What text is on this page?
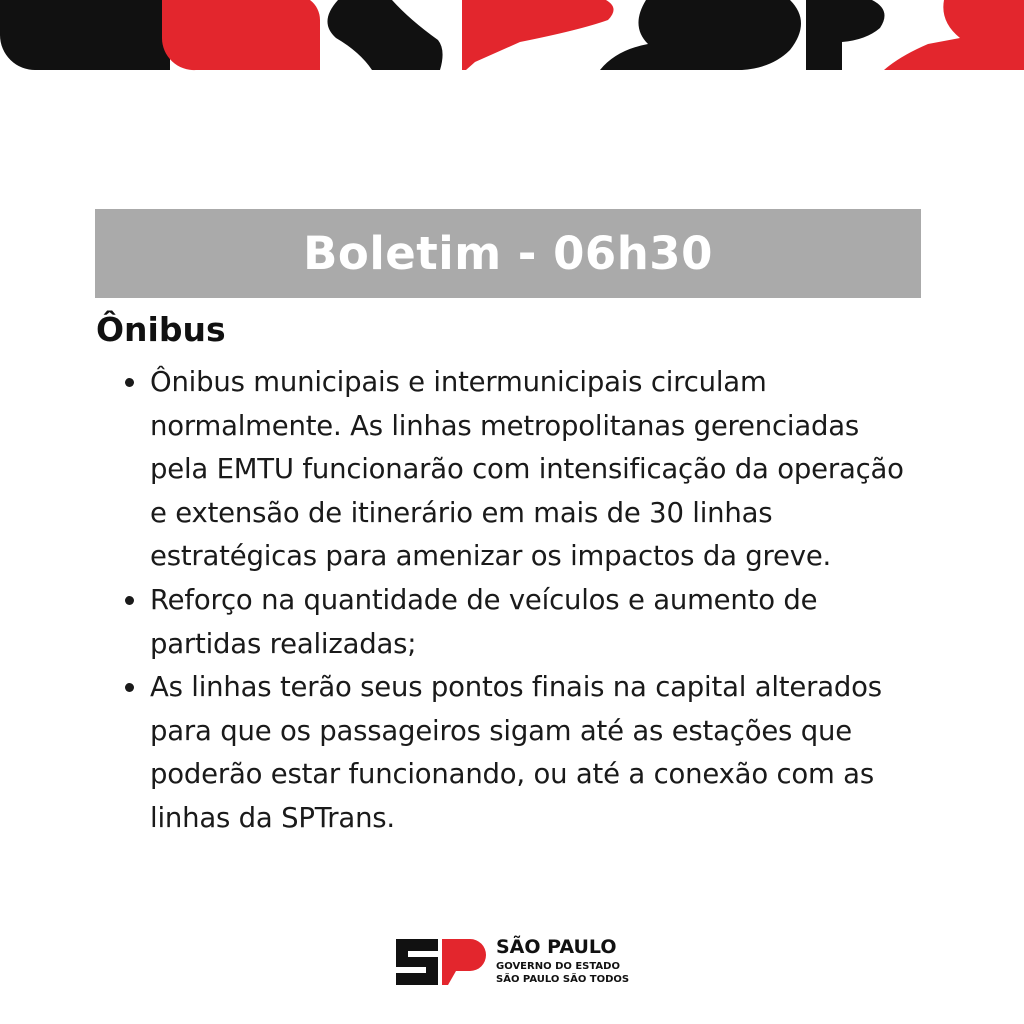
Boletim - 06h30
Ônibus
Ônibus municipais e intermunicipais circulam normalmente. As linhas metropolitanas gerenciadas pela EMTU funcionarão com intensificação da operação e extensão de itinerário em mais de 30 linhas estratégicas para amenizar os impactos da greve.
Reforço na quantidade de veículos e aumento de partidas realizadas;
As linhas terão seus pontos finais na capital alterados para que os passageiros sigam até as estações que poderão estar funcionando, ou até a conexão com as linhas da SPTrans.
SÃO PAULO
GOVERNO DO ESTADO
SÃO PAULO SÃO TODOS
